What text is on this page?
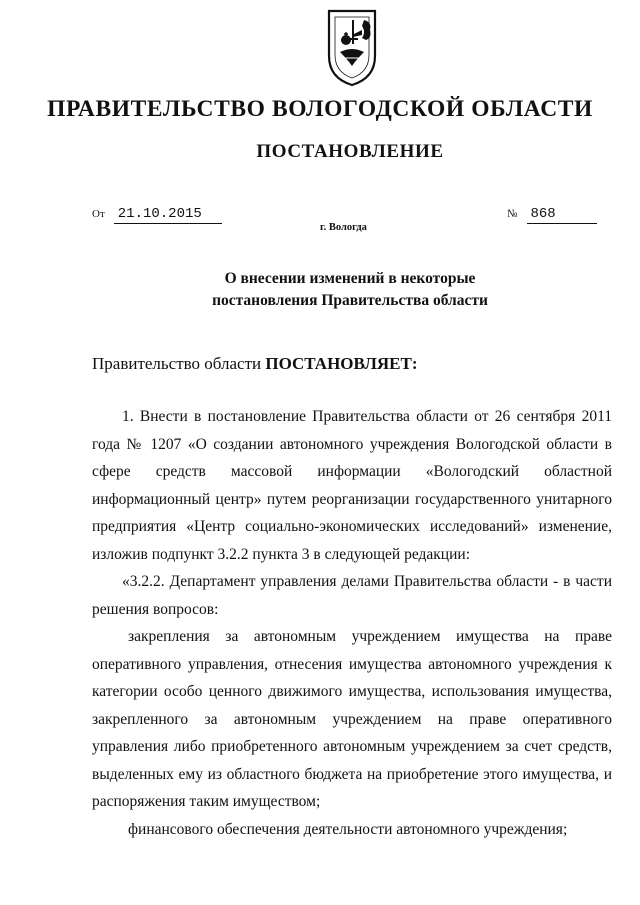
ПРАВИТЕЛЬСТВО ВОЛОГОДСКОЙ ОБЛАСТИ
ПОСТАНОВЛЕНИЕ
От 21.10.2015	№ 868
г. Вологда
О внесении изменений в некоторые
постановления Правительства области
Правительство области ПОСТАНОВЛЯЕТ:

1. Внести в постановление Правительства области от 26 сентября 2011 года № 1207 «О создании автономного учреждения Вологодской области в сфере средств массовой информации «Вологодский областной информационный центр» путем реорганизации государственного унитарного предприятия «Центр социально-экономических исследований» изменение, изложив подпункт 3.2.2 пункта 3 в следующей редакции:

«3.2.2. Департамент управления делами Правительства области - в части решения вопросов:

закрепления за автономным учреждением имущества на праве оперативного управления, отнесения имущества автономного учреждения к категории особо ценного движимого имущества, использования имущества, закрепленного за автономным учреждением на праве оперативного управления либо приобретенного автономным учреждением за счет средств, выделенных ему из областного бюджета на приобретение этого имущества, и распоряжения таким имуществом;

финансового обеспечения деятельности автономного учреждения;
